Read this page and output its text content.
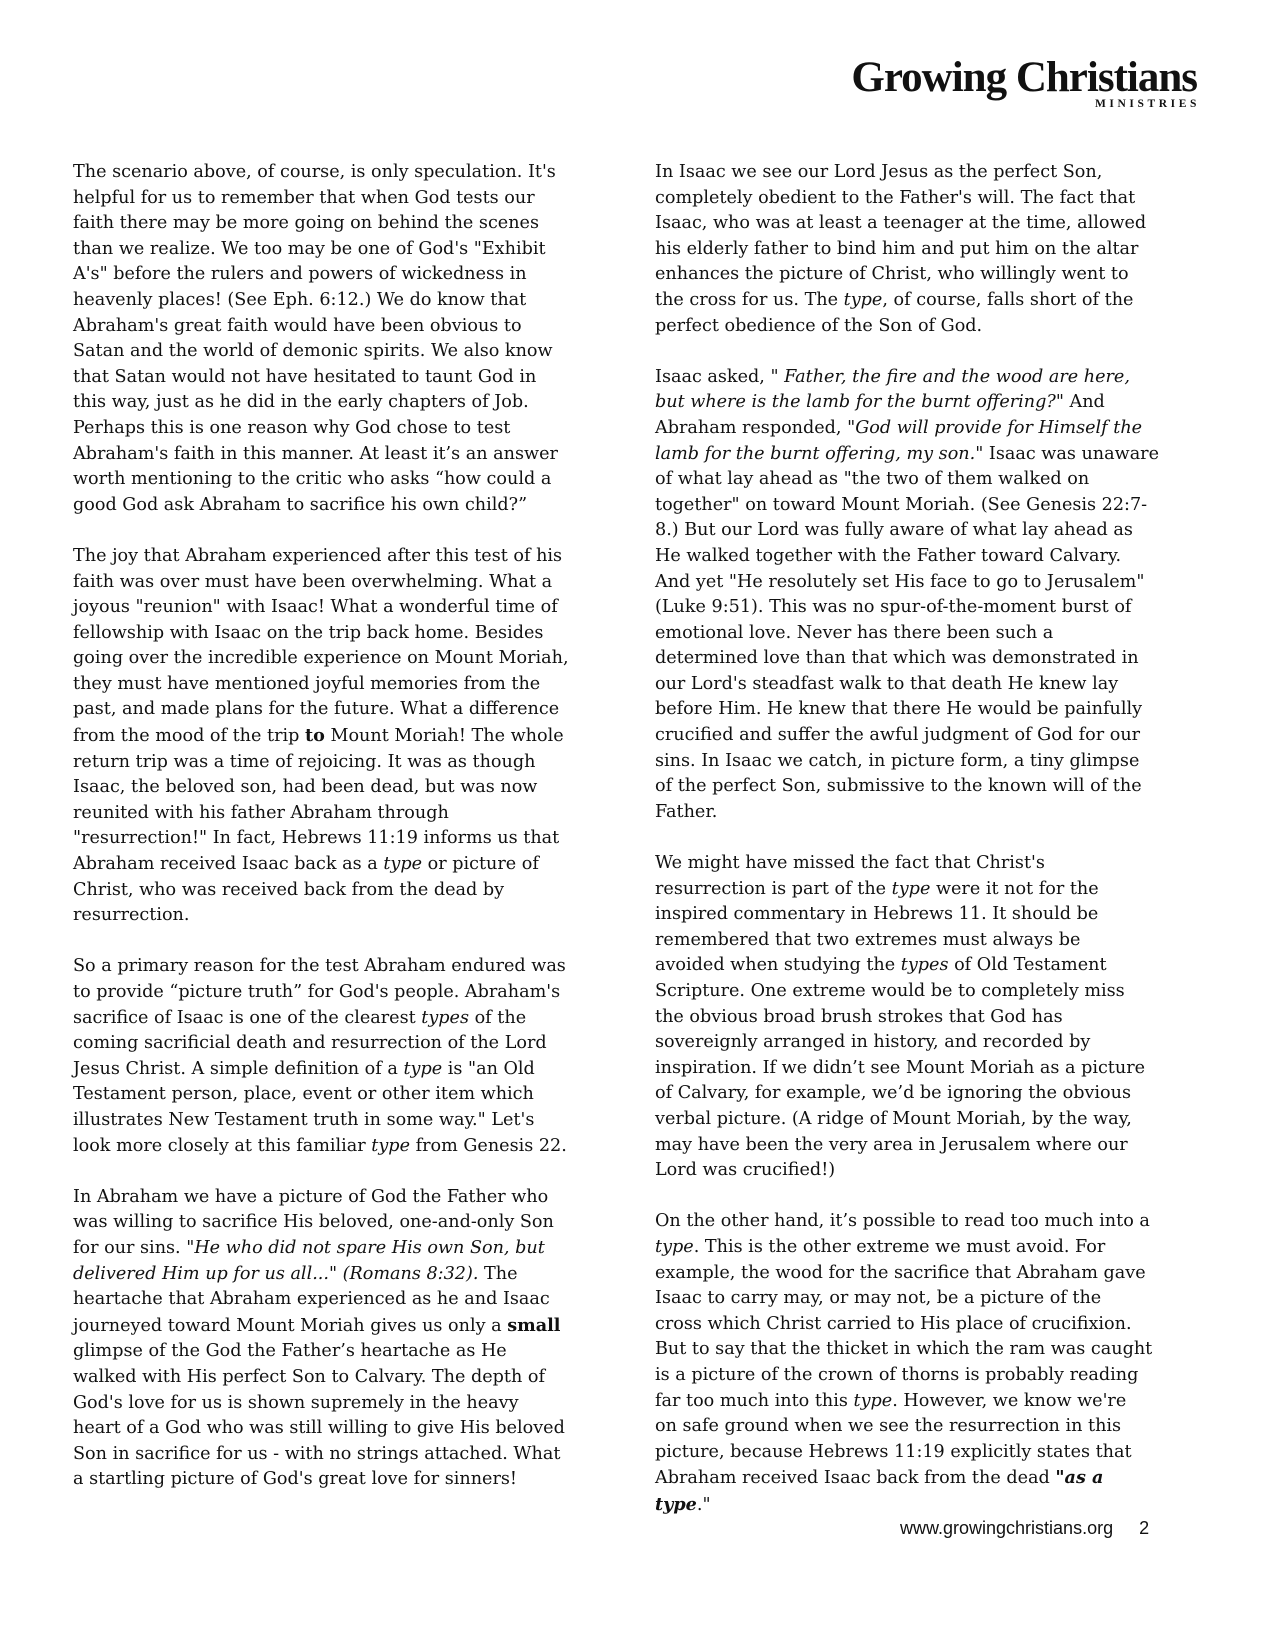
Growing Christians
MINISTRIES

The scenario above, of course, is only speculation. It's
helpful for us to remember that when God tests our
faith there may be more going on behind the scenes
than we realize. We too may be one of God's "Exhibit
A's" before the rulers and powers of wickedness in
heavenly places! (See Eph. 6:12.) We do know that
Abraham's great faith would have been obvious to
Satan and the world of demonic spirits. We also know
that Satan would not have hesitated to taunt God in
this way, just as he did in the early chapters of Job.
Perhaps this is one reason why God chose to test
Abraham's faith in this manner. At least it’s an answer
worth mentioning to the critic who asks “how could a
good God ask Abraham to sacrifice his own child?”

The joy that Abraham experienced after this test of his
faith was over must have been overwhelming. What a
joyous "reunion" with Isaac! What a wonderful time of
fellowship with Isaac on the trip back home. Besides
going over the incredible experience on Mount Moriah,
they must have mentioned joyful memories from the
past, and made plans for the future. What a difference
from the mood of the trip to Mount Moriah! The whole
return trip was a time of rejoicing. It was as though
Isaac, the beloved son, had been dead, but was now
reunited with his father Abraham through
"resurrection!" In fact, Hebrews 11:19 informs us that
Abraham received Isaac back as a type or picture of
Christ, who was received back from the dead by
resurrection.

So a primary reason for the test Abraham endured was
to provide “picture truth” for God's people. Abraham's
sacrifice of Isaac is one of the clearest types of the
coming sacrificial death and resurrection of the Lord
Jesus Christ. A simple definition of a type is "an Old
Testament person, place, event or other item which
illustrates New Testament truth in some way." Let's
look more closely at this familiar type from Genesis 22.

In Abraham we have a picture of God the Father who
was willing to sacrifice His beloved, one-and-only Son
for our sins. "He who did not spare His own Son, but
delivered Him up for us all..." (Romans 8:32). The
heartache that Abraham experienced as he and Isaac
journeyed toward Mount Moriah gives us only a small
glimpse of the God the Father’s heartache as He
walked with His perfect Son to Calvary. The depth of
God's love for us is shown supremely in the heavy
heart of a God who was still willing to give His beloved
Son in sacrifice for us - with no strings attached. What
a startling picture of God's great love for sinners!

In Isaac we see our Lord Jesus as the perfect Son,
completely obedient to the Father's will. The fact that
Isaac, who was at least a teenager at the time, allowed
his elderly father to bind him and put him on the altar
enhances the picture of Christ, who willingly went to
the cross for us. The type, of course, falls short of the
perfect obedience of the Son of God.

Isaac asked, " Father, the fire and the wood are here,
but where is the lamb for the burnt offering?" And
Abraham responded, "God will provide for Himself the
lamb for the burnt offering, my son." Isaac was unaware
of what lay ahead as "the two of them walked on
together" on toward Mount Moriah. (See Genesis 22:7-
8.) But our Lord was fully aware of what lay ahead as
He walked together with the Father toward Calvary.
And yet "He resolutely set His face to go to Jerusalem"
(Luke 9:51). This was no spur-of-the-moment burst of
emotional love. Never has there been such a
determined love than that which was demonstrated in
our Lord's steadfast walk to that death He knew lay
before Him. He knew that there He would be painfully
crucified and suffer the awful judgment of God for our
sins. In Isaac we catch, in picture form, a tiny glimpse
of the perfect Son, submissive to the known will of the
Father.

We might have missed the fact that Christ's
resurrection is part of the type were it not for the
inspired commentary in Hebrews 11. It should be
remembered that two extremes must always be
avoided when studying the types of Old Testament
Scripture. One extreme would be to completely miss
the obvious broad brush strokes that God has
sovereignly arranged in history, and recorded by
inspiration. If we didn’t see Mount Moriah as a picture
of Calvary, for example, we’d be ignoring the obvious
verbal picture. (A ridge of Mount Moriah, by the way,
may have been the very area in Jerusalem where our
Lord was crucified!)

On the other hand, it’s possible to read too much into a
type. This is the other extreme we must avoid. For
example, the wood for the sacrifice that Abraham gave
Isaac to carry may, or may not, be a picture of the
cross which Christ carried to His place of crucifixion.
But to say that the thicket in which the ram was caught
is a picture of the crown of thorns is probably reading
far too much into this type. However, we know we're
on safe ground when we see the resurrection in this
picture, because Hebrews 11:19 explicitly states that
Abraham received Isaac back from the dead "as a
type."

www.growingchristians.org 2
